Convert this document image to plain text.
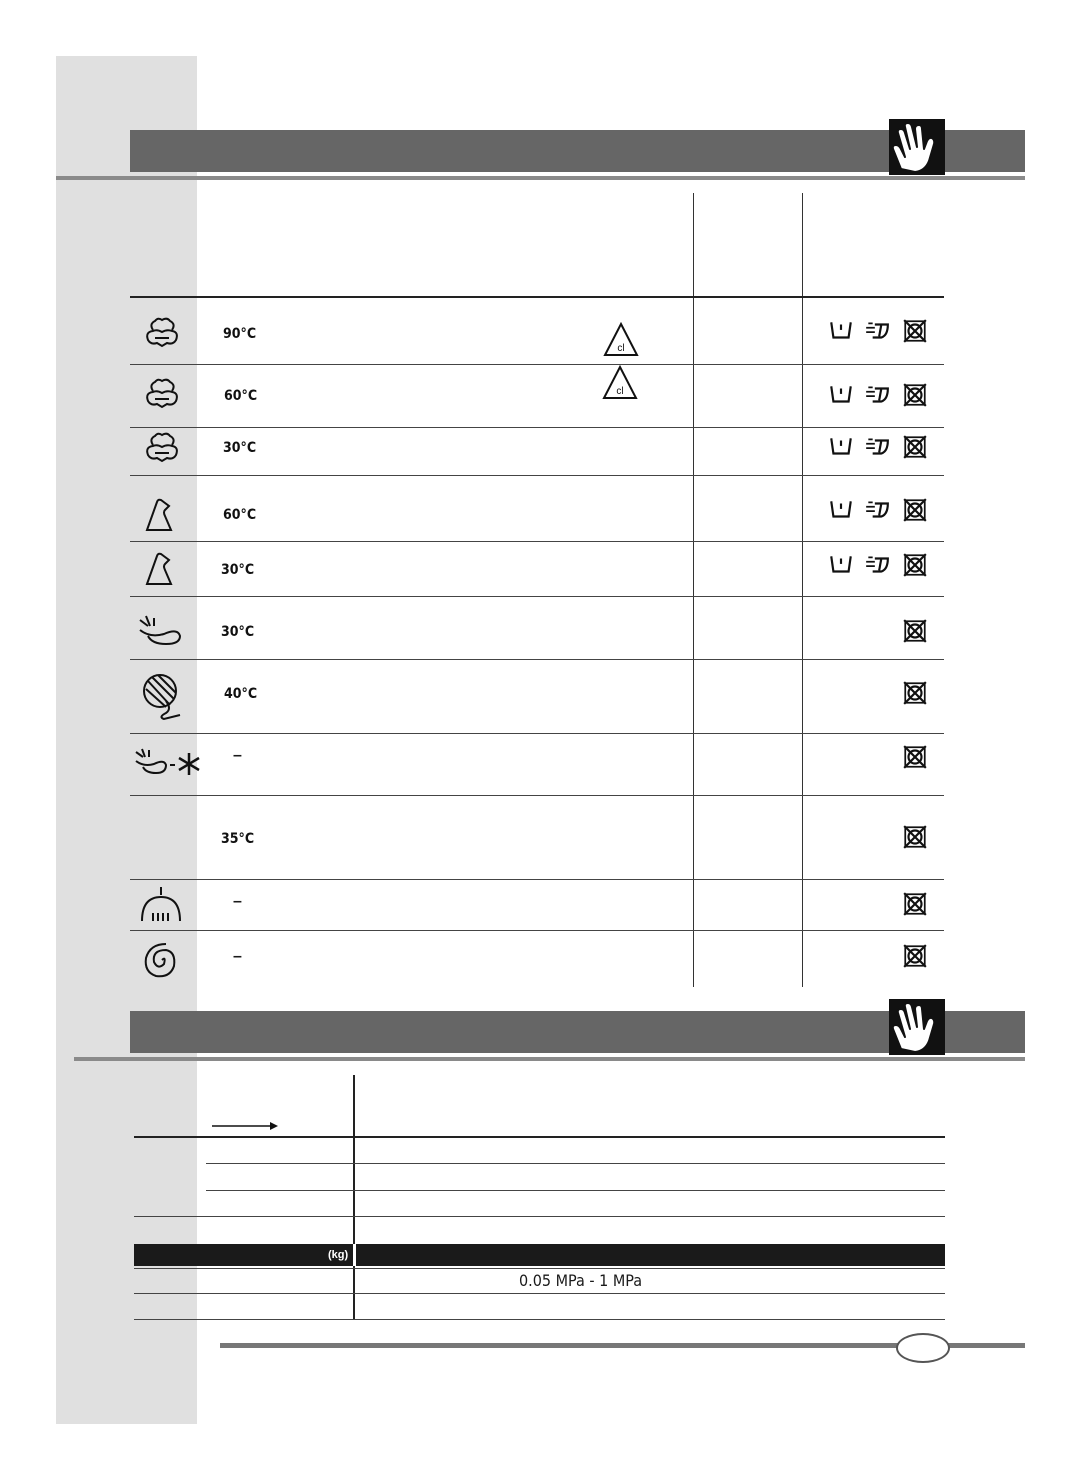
90°C
60°C
30°C
60°C
30°C
30°C
40°C
–
35°C
–
–
cl
cl
(kg)
0.05 MPa - 1 MPa
